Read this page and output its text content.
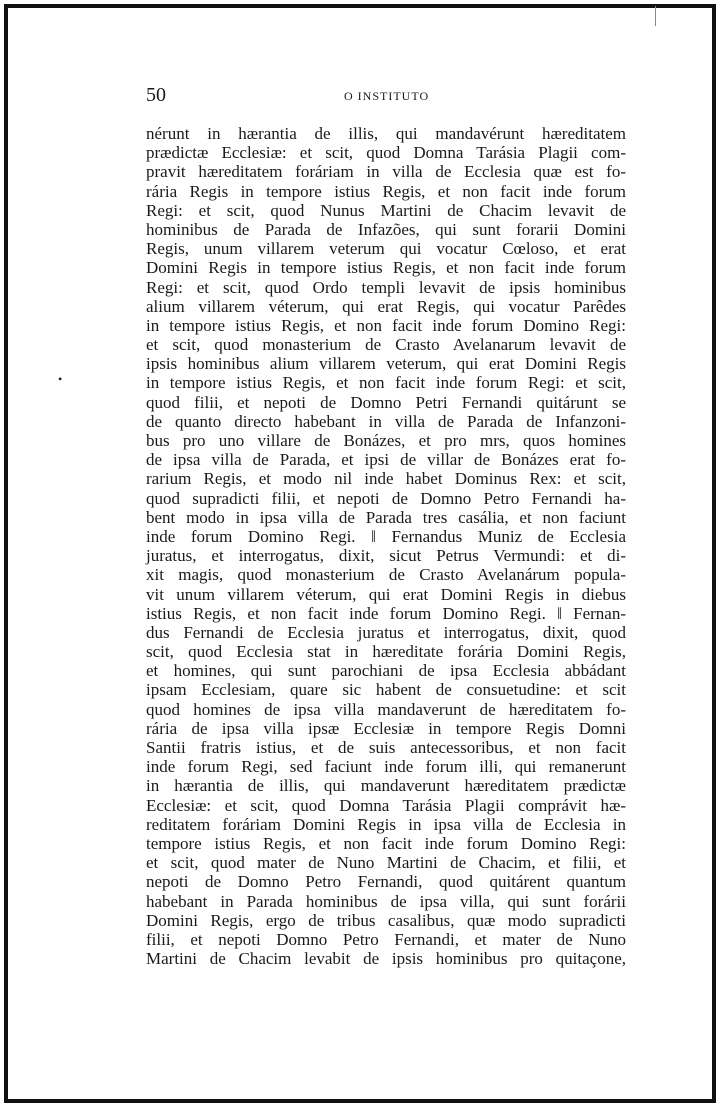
50	O INSTITUTO
•
nérunt in hærantia de illis, qui mandavérunt hæreditatem
prædictæ Ecclesiæ: et scit, quod Domna Tarásia Plagii com-
pravit hæreditatem foráriam in villa de Ecclesia quæ est fo-
rária Regis in tempore istius Regis, et non facit inde forum
Regi: et scit, quod Nunus Martini de Chacim levavit de
hominibus de Parada de Infazões, qui sunt forarii Domini
Regis, unum villarem veterum qui vocatur Cœloso, et erat
Domini Regis in tempore istius Regis, et non facit inde forum
Regi: et scit, quod Ordo templi levavit de ipsis hominibus
alium villarem véterum, qui erat Regis, qui vocatur Parêdes
in tempore istius Regis, et non facit inde forum Domino Regi:
et scit, quod monasterium de Crasto Avelanarum levavit de
ipsis hominibus alium villarem veterum, qui erat Domini Regis
in tempore istius Regis, et non facit inde forum Regi: et scit,
quod filii, et nepoti de Domno Petri Fernandi quitárunt se
de quanto directo habebant in villa de Parada de Infanzoni-
bus pro uno villare de Bonázes, et pro mrs, quos homines
de ipsa villa de Parada, et ipsi de villar de Bonázes erat fo-
rarium Regis, et modo nil inde habet Dominus Rex: et scit,
quod supradicti filii, et nepoti de Domno Petro Fernandi ha-
bent modo in ipsa villa de Parada tres casália, et non faciunt
inde forum Domino Regi. ‖ Fernandus Muniz de Ecclesia
juratus, et interrogatus, dixit, sicut Petrus Vermundi: et di-
xit magis, quod monasterium de Crasto Avelanárum popula-
vit unum villarem véterum, qui erat Domini Regis in diebus
istius Regis, et non facit inde forum Domino Regi. ‖ Fernan-
dus Fernandi de Ecclesia juratus et interrogatus, dixit, quod
scit, quod Ecclesia stat in hæreditate forária Domini Regis,
et homines, qui sunt parochiani de ipsa Ecclesia abbádant
ipsam Ecclesiam, quare sic habent de consuetudine: et scit
quod homines de ipsa villa mandaverunt de hæreditatem fo-
rária de ipsa villa ipsæ Ecclesiæ in tempore Regis Domni
Santii fratris istius, et de suis antecessoribus, et non facit
inde forum Regi, sed faciunt inde forum illi, qui remanerunt
in hærantia de illis, qui mandaverunt hæreditatem prædictæ
Ecclesiæ: et scit, quod Domna Tarásia Plagii comprávit hæ-
reditatem foráriam Domini Regis in ipsa villa de Ecclesia in
tempore istius Regis, et non facit inde forum Domino Regi:
et scit, quod mater de Nuno Martini de Chacim, et filii, et
nepoti de Domno Petro Fernandi, quod quitárent quantum
habebant in Parada hominibus de ipsa villa, qui sunt forárii
Domini Regis, ergo de tribus casalibus, quæ modo supradicti
filii, et nepoti Domno Petro Fernandi, et mater de Nuno
Martini de Chacim levabit de ipsis hominibus pro quitaçone,
